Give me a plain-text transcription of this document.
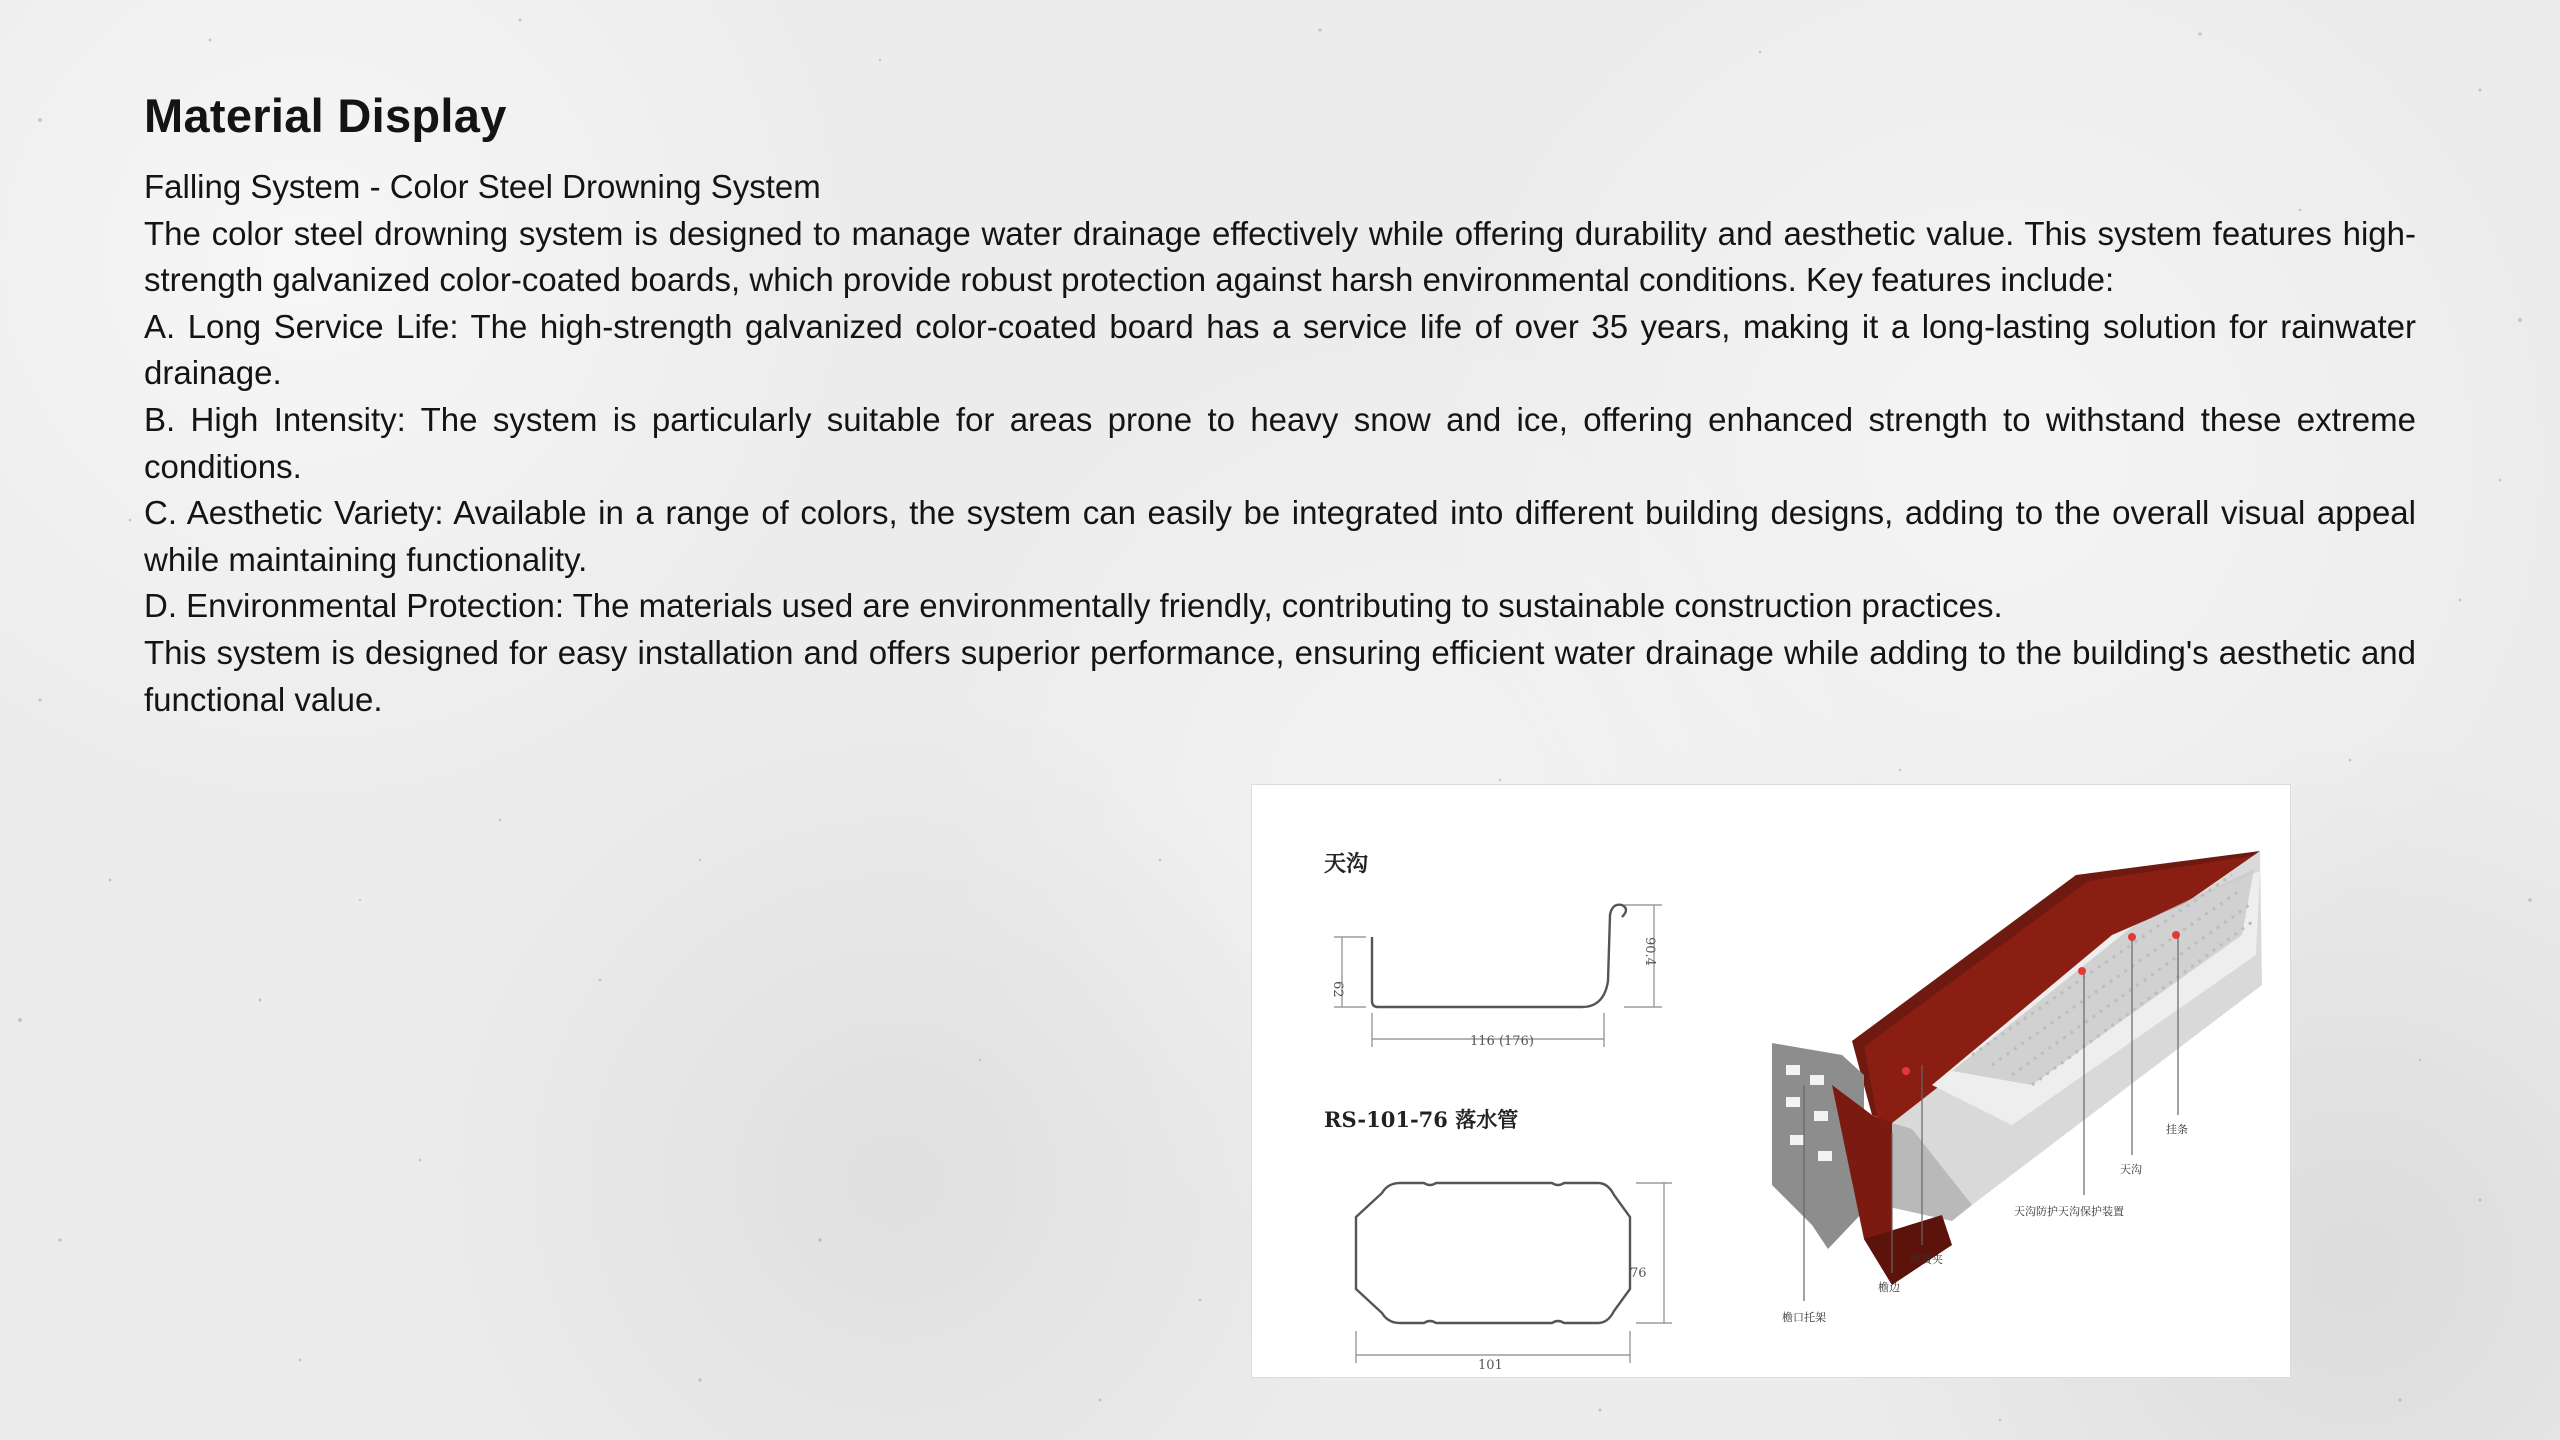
Material Display

Falling System - Color Steel Drowning System

The color steel drowning system is designed to manage water drainage effectively while offering durability and aesthetic value. This system features high-strength galvanized color-coated boards, which provide robust protection against harsh environmental conditions. Key features include:

A. Long Service Life: The high-strength galvanized color-coated board has a service life of over 35 years, making it a long-lasting solution for rainwater drainage.

B. High Intensity: The system is particularly suitable for areas prone to heavy snow and ice, offering enhanced strength to withstand these extreme conditions.

C. Aesthetic Variety: Available in a range of colors, the system can easily be integrated into different building designs, adding to the overall visual appeal while maintaining functionality.

D. Environmental Protection: The materials used are environmentally friendly, contributing to sustainable construction practices.

This system is designed for easy installation and offers superior performance, ensuring efficient water drainage while adding to the building's aesthetic and functional value.

天沟
116 (176)
62
90.4
RS-101-76 落水管
101
76
挂条
天沟
天沟防护天沟保护装置
弹簧夹
檐边
檐口托架
